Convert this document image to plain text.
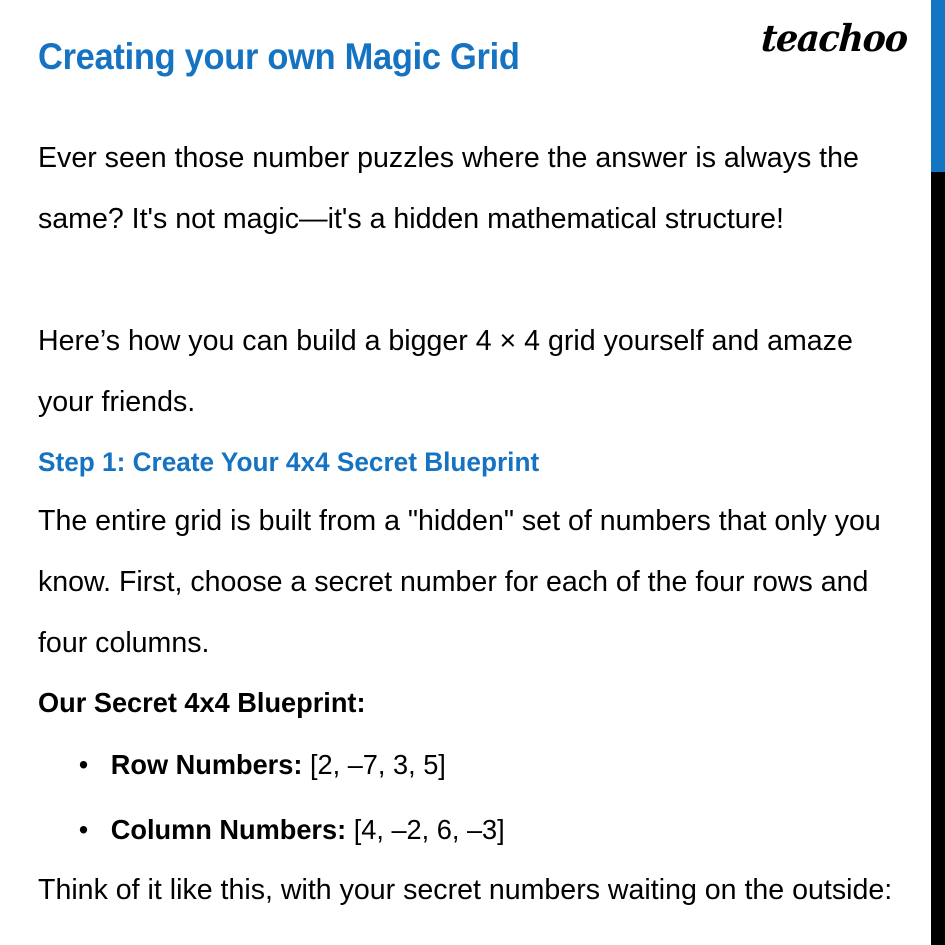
Creating your own Magic Grid	teachoo

Ever seen those number puzzles where the answer is always the same? It's not magic—it's a hidden mathematical structure!

Here’s how you can build a bigger 4 × 4 grid yourself and amaze your friends.

Step 1: Create Your 4x4 Secret Blueprint

The entire grid is built from a "hidden" set of numbers that only you know. First, choose a secret number for each of the four rows and four columns.

Our Secret 4x4 Blueprint:

• Row Numbers: [2, –7, 3, 5]
• Column Numbers: [4, –2, 6, –3]

Think of it like this, with your secret numbers waiting on the outside:
